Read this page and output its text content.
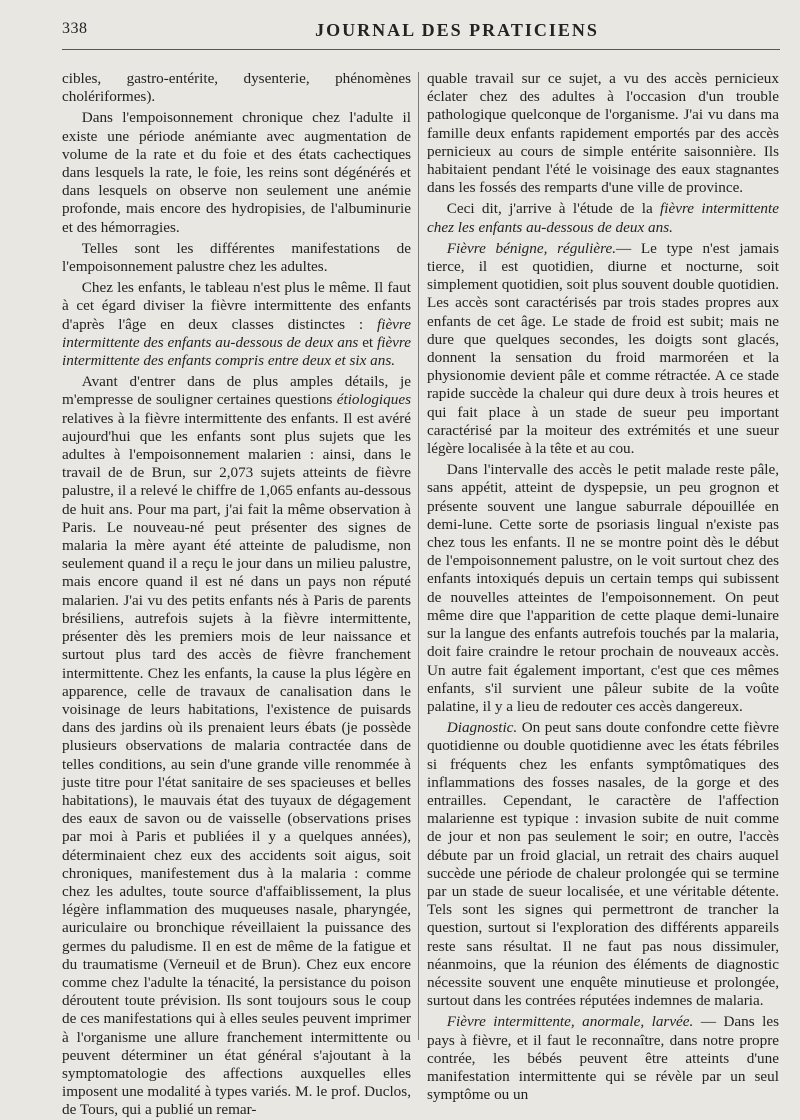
338	JOURNAL DES PRATICIENS

cibles, gastro-entérite, dysenterie, phénomènes cholériformes).

Dans l'empoisonnement chronique chez l'adulte il existe une période anémiante avec augmentation de volume de la rate et du foie et des états cachectiques dans lesquels la rate, le foie, les reins sont dégénérés et dans lesquels on observe non seulement une anémie profonde, mais encore des hydropisies, de l'albuminurie et des hémorragies.

Telles sont les différentes manifestations de l'empoisonnement palustre chez les adultes.

Chez les enfants, le tableau n'est plus le même. Il faut à cet égard diviser la fièvre intermittente des enfants d'après l'âge en deux classes distinctes : fièvre intermittente des enfants au-dessous de deux ans et fièvre intermittente des enfants compris entre deux et six ans.

Avant d'entrer dans de plus amples détails, je m'empresse de souligner certaines questions étiologiques relatives à la fièvre intermittente des enfants. Il est avéré aujourd'hui que les enfants sont plus sujets que les adultes à l'empoisonnement malarien : ainsi, dans le travail de de Brun, sur 2,073 sujets atteints de fièvre palustre, il a relevé le chiffre de 1,065 enfants au-dessous de huit ans. Pour ma part, j'ai fait la même observation à Paris. Le nouveau-né peut présenter des signes de malaria la mère ayant été atteinte de paludisme, non seulement quand il a reçu le jour dans un milieu palustre, mais encore quand il est né dans un pays non réputé malarien. J'ai vu des petits enfants nés à Paris de parents brésiliens, autrefois sujets à la fièvre intermittente, présenter dès les premiers mois de leur naissance et surtout plus tard des accès de fièvre franchement intermittente. Chez les enfants, la cause la plus légère en apparence, celle de travaux de canalisation dans le voisinage de leurs habitations, l'existence de puisards dans des jardins où ils prenaient leurs ébats (je possède plusieurs observations de malaria contractée dans de telles conditions, au sein d'une grande ville renommée à juste titre pour l'état sanitaire de ses spacieuses et belles habitations), le mauvais état des tuyaux de dégagement des eaux de savon ou de vaisselle (observations prises par moi à Paris et publiées il y a quelques années), déterminaient chez eux des accidents soit aigus, soit chroniques, manifestement dus à la malaria : comme chez les adultes, toute source d'affaiblissement, la plus légère inflammation des muqueuses nasale, pharyngée, auriculaire ou bronchique réveillaient la puissance des germes du paludisme. Il en est de même de la fatigue et du traumatisme (Verneuil et de Brun). Chez eux encore comme chez l'adulte la ténacité, la persistance du poison déroutent toute prévision. Ils sont toujours sous le coup de ces manifestations qui à elles seules peuvent imprimer à l'organisme une allure franchement intermittente ou peuvent déterminer un état général s'ajoutant à la symptomatologie des affections auxquelles elles imposent une modalité à types variés. M. le prof. Duclos, de Tours, qui a publié un remar-

quable travail sur ce sujet, a vu des accès pernicieux éclater chez des adultes à l'occasion d'un trouble pathologique quelconque de l'organisme. J'ai vu dans ma famille deux enfants rapidement emportés par des accès pernicieux au cours de simple entérite saisonnière. Ils habitaient pendant l'été le voisinage des eaux stagnantes dans les fossés des remparts d'une ville de province.

Ceci dit, j'arrive à l'étude de la fièvre intermittente chez les enfants au-dessous de deux ans.

Fièvre bénigne, régulière.— Le type n'est jamais tierce, il est quotidien, diurne et nocturne, soit simplement quotidien, soit plus souvent double quotidien. Les accès sont caractérisés par trois stades propres aux enfants de cet âge. Le stade de froid est subit; mais ne dure que quelques secondes, les doigts sont glacés, donnent la sensation du froid marmoréen et la physionomie devient pâle et comme rétractée. A ce stade rapide succède la chaleur qui dure deux à trois heures et qui fait place à un stade de sueur peu important caractérisé par la moiteur des extrémités et une sueur légère localisée à la tête et au cou.

Dans l'intervalle des accès le petit malade reste pâle, sans appétit, atteint de dyspepsie, un peu grognon et présente souvent une langue saburrale dépouillée en demi-lune. Cette sorte de psoriasis lingual n'existe pas chez tous les enfants. Il ne se montre point dès le début de l'empoisonnement palustre, on le voit surtout chez des enfants intoxiqués depuis un certain temps qui subissent de nouvelles atteintes de l'empoisonnement. On peut même dire que l'apparition de cette plaque demi-lunaire sur la langue des enfants autrefois touchés par la malaria, doit faire craindre le retour prochain de nouveaux accès. Un autre fait également important, c'est que ces mêmes enfants, s'il survient une pâleur subite de la voûte palatine, il y a lieu de redouter ces accès dangereux.

Diagnostic. On peut sans doute confondre cette fièvre quotidienne ou double quotidienne avec les états fébriles si fréquents chez les enfants symptômatiques des inflammations des fosses nasales, de la gorge et des entrailles. Cependant, le caractère de l'affection malarienne est typique : invasion subite de nuit comme de jour et non pas seulement le soir; en outre, l'accès débute par un froid glacial, un retrait des chairs auquel succède une période de chaleur prolongée qui se termine par un stade de sueur localisée, et une véritable détente. Tels sont les signes qui permettront de trancher la question, surtout si l'exploration des différents appareils reste sans résultat. Il ne faut pas nous dissimuler, néanmoins, que la réunion des éléments de diagnostic nécessite souvent une enquête minutieuse et prolongée, surtout dans les contrées réputées indemnes de malaria.

Fièvre intermittente, anormale, larvée. — Dans les pays à fièvre, et il faut le reconnaître, dans notre propre contrée, les bébés peuvent être atteints d'une manifestation intermittente qui se révèle par un seul symptôme ou un
